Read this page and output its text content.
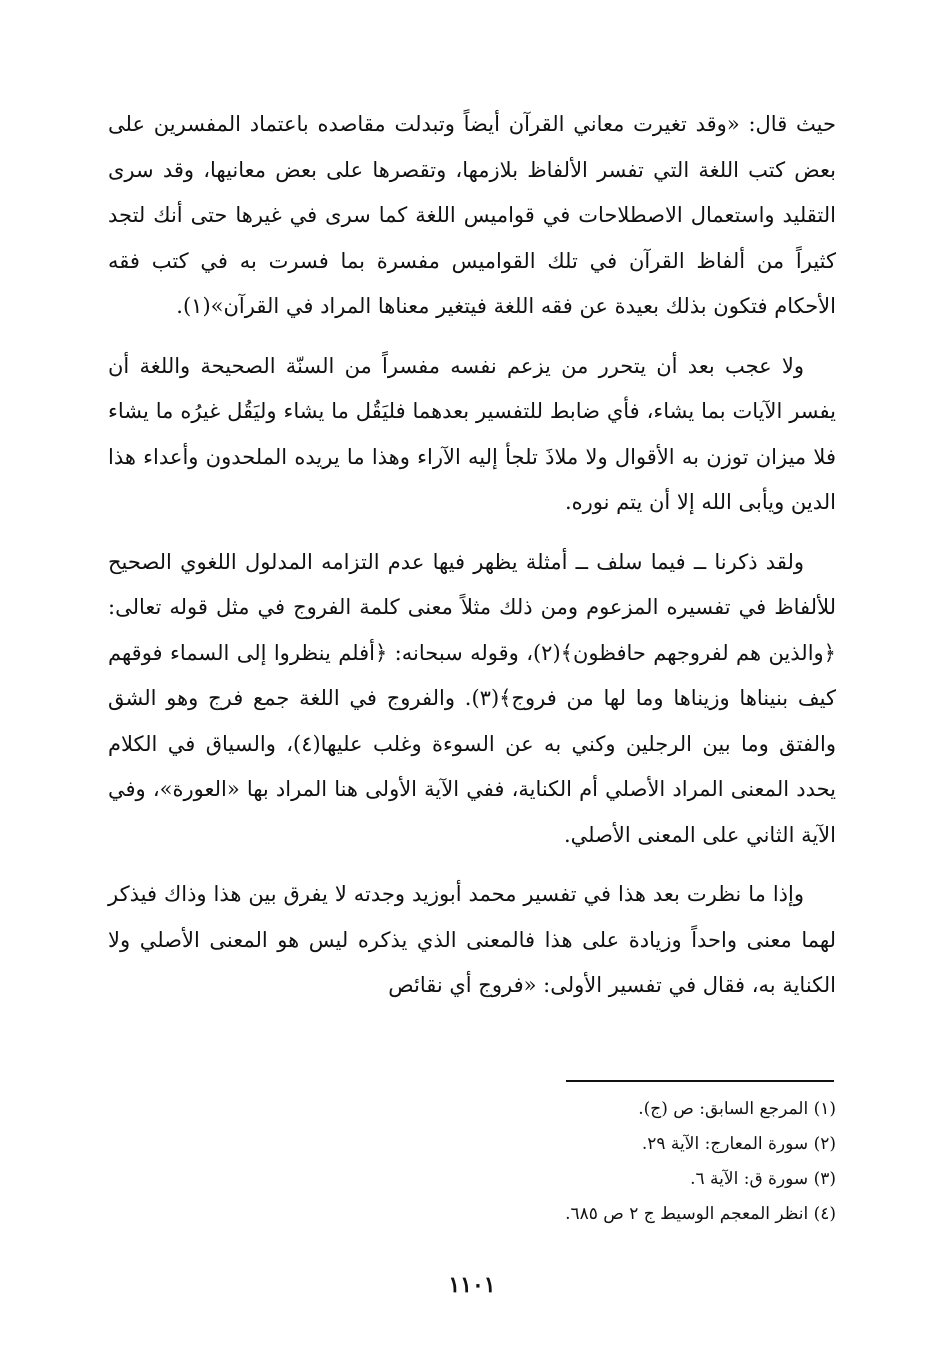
حيث قال: «وقد تغيرت معاني القرآن أيضاً وتبدلت مقاصده باعتماد المفسرين على بعض كتب اللغة التي تفسر الألفاظ بلازمها، وتقصرها على بعض معانيها، وقد سرى التقليد واستعمال الاصطلاحات في قواميس اللغة كما سرى في غيرها حتى أنك لتجد كثيراً من ألفاظ القرآن في تلك القواميس مفسرة بما فسرت به في كتب فقه الأحكام فتكون بذلك بعيدة عن فقه اللغة فيتغير معناها المراد في القرآن»(١).

ولا عجب بعد أن يتحرر من يزعم نفسه مفسراً من السنّة الصحيحة واللغة أن يفسر الآيات بما يشاء، فأي ضابط للتفسير بعدهما فليَقُل ما يشاء وليَقُل غيرُه ما يشاء فلا ميزان توزن به الأقوال ولا ملاذَ تلجأ إليه الآراء وهذا ما يريده الملحدون وأعداء هذا الدين ويأبى الله إلا أن يتم نوره.

ولقد ذكرنا ــ فيما سلف ــ أمثلة يظهر فيها عدم التزامه المدلول اللغوي الصحيح للألفاظ في تفسيره المزعوم ومن ذلك مثلاً معنى كلمة الفروج في مثل قوله تعالى: ﴿والذين هم لفروجهم حافظون﴾(٢)، وقوله سبحانه: ﴿أفلم ينظروا إلى السماء فوقهم كيف بنيناها وزيناها وما لها من فروج﴾(٣). والفروج في اللغة جمع فرج وهو الشق والفتق وما بين الرجلين وكني به عن السوءة وغلب عليها(٤)، والسياق في الكلام يحدد المعنى المراد الأصلي أم الكناية، ففي الآية الأولى هنا المراد بها «العورة»، وفي الآية الثاني على المعنى الأصلي.

وإذا ما نظرت بعد هذا في تفسير محمد أبوزيد وجدته لا يفرق بين هذا وذاك فيذكر لهما معنى واحداً وزيادة على هذا فالمعنى الذي يذكره ليس هو المعنى الأصلي ولا الكناية به، فقال في تفسير الأولى: «فروج أي نقائص

(١) المرجع السابق: ص (ج).

(٢) سورة المعارج: الآية ٢٩.

(٣) سورة ق: الآية ٦.

(٤) انظر المعجم الوسيط ج ٢ ص ٦٨٥.

١١٠١
